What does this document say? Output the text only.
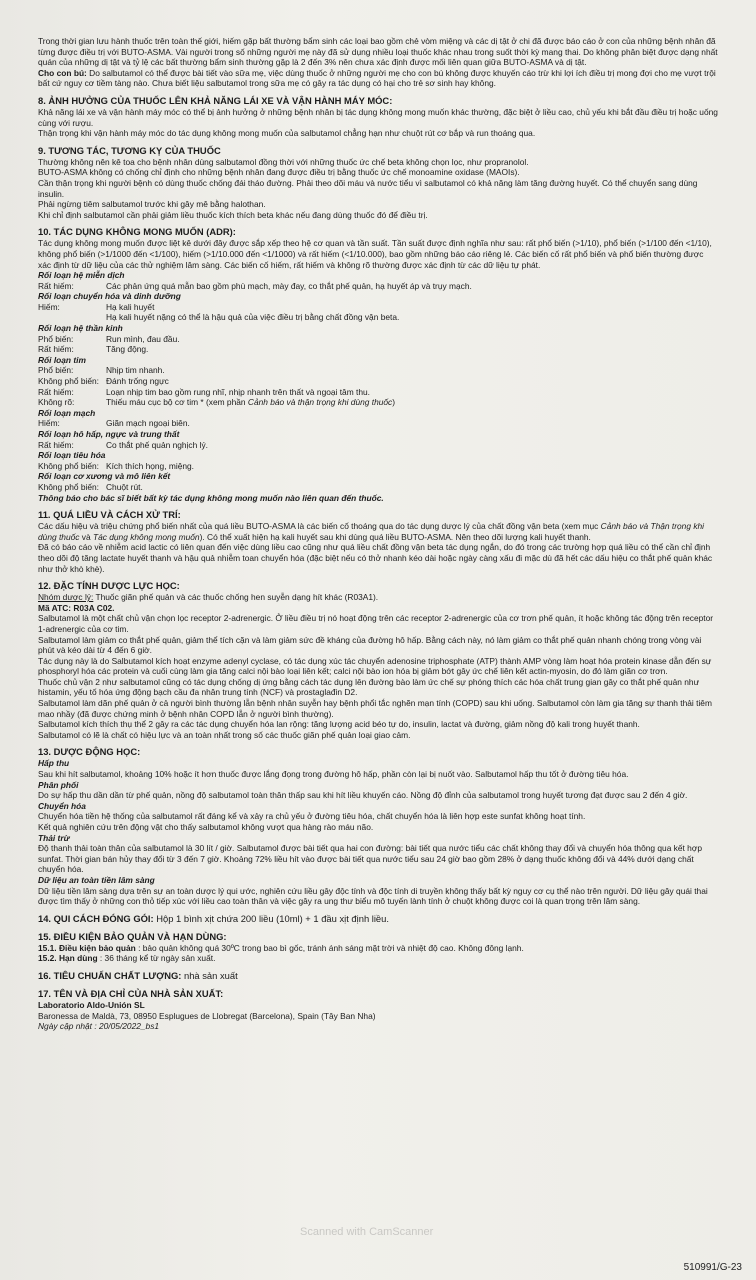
Trong thời gian lưu hành thuốc trên toàn thế giới, hiếm gặp bất thường bẩm sinh các loại bao gồm chẻ vòm miệng và các dị tật ở chi đã được báo cáo ở con của những bệnh nhân đã từng được điều trị với BUTO-ASMA. Vài người trong số những người mẹ này đã sử dụng nhiều loại thuốc khác nhau trong suốt thời kỳ mang thai. Do không phân biệt được dạng nhất quán của những dị tật và tỷ lệ các bất thường bẩm sinh thường gặp là 2 đến 3% nên chưa xác định được mối liên quan giữa BUTO-ASMA và dị tật.

Cho con bú: Do salbutamol có thể được bài tiết vào sữa mẹ, việc dùng thuốc ở những người mẹ cho con bú không được khuyến cáo trừ khi lợi ích điều trị mong đợi cho mẹ vượt trội bất cứ nguy cơ tiềm tàng nào. Chưa biết liệu salbutamol trong sữa mẹ có gây ra tác dụng có hại cho trẻ sơ sinh hay không.

8. ẢNH HƯỞNG CỦA THUỐC LÊN KHẢ NĂNG LÁI XE VÀ VẬN HÀNH MÁY MÓC:

Khả năng lái xe và vận hành máy móc có thể bị ảnh hưởng ở những bệnh nhân bị tác dụng không mong muốn khác thường, đặc biệt ở liều cao, chủ yếu khi bắt đầu điều trị hoặc uống cùng với rượu.

Thận trọng khi vận hành máy móc do tác dụng không mong muốn của salbutamol chẳng hạn như chuột rút cơ bắp và run thoáng qua.

9. TƯƠNG TÁC, TƯƠNG KỴ CỦA THUỐC

Thường không nên kê toa cho bệnh nhân dùng salbutamol đồng thời với những thuốc ức chế beta không chọn lọc, như propranolol.

BUTO-ASMA không có chống chỉ định cho những bệnh nhân đang được điều trị bằng thuốc ức chế monoamine oxidase (MAOIs).

Cần thận trọng khi người bệnh có dùng thuốc chống đái tháo đường. Phải theo dõi máu và nước tiểu vì salbutamol có khả năng làm tăng đường huyết. Có thể chuyển sang dùng insulin.

Phải ngừng tiêm salbutamol trước khi gây mê bằng halothan.

Khi chỉ định salbutamol cần phải giảm liều thuốc kích thích beta khác nếu đang dùng thuốc đó để điều trị.

10. TÁC DỤNG KHÔNG MONG MUỐN (ADR):

Tác dụng không mong muốn được liệt kê dưới đây được sắp xếp theo hệ cơ quan và tần suất. Tần suất được định nghĩa như sau: rất phổ biến (>1/10), phổ biến (>1/100 đến <1/10), không phổ biến (>1/1000 đến <1/100), hiếm (>1/10.000 đến <1/1000) và rất hiếm (<1/10.000), bao gồm những báo cáo riêng lẻ. Các biến cố rất phổ biến và phổ biến thường được xác định từ dữ liệu của các thử nghiệm lâm sàng. Các biến cố hiếm, rất hiếm và không rõ thường được xác định từ các dữ liệu tự phát.

Rối loạn hệ miễn dịch

Rất hiếm:	Các phản ứng quá mẫn bao gồm phù mạch, mày đay, co thắt phế quản, hạ huyết áp và trụy mạch.

Rối loạn chuyển hóa và dinh dưỡng

Hiếm:	Hạ kali huyết

Hạ kali huyết nặng có thể là hậu quả của việc điều trị bằng chất đồng vận beta.

Rối loạn hệ thần kinh

Phổ biến:	Run mình, đau đầu.
Rất hiếm:	Tăng động.

Rối loạn tim

Phổ biến:	Nhịp tim nhanh.
Không phổ biến: Đánh trống ngực
Rất hiếm:	Loạn nhịp tim bao gồm rung nhĩ, nhịp nhanh trên thất và ngoại tâm thu.
Không rõ:	Thiếu máu cục bộ cơ tim * (xem phần Cảnh báo và thận trọng khi dùng thuốc)

Rối loạn mạch

Hiếm:	Giãn mạch ngoại biên.

Rối loạn hô hấp, ngực và trung thất

Rất hiếm:	Co thắt phế quản nghịch lý.

Rối loạn tiêu hóa

Không phổ biến: Kích thích họng, miệng.

Rối loạn cơ xương và mô liên kết

Không phổ biến: Chuột rút.

Thông báo cho bác sĩ biết bất kỳ tác dụng không mong muốn nào liên quan đến thuốc.

11. QUÁ LIỀU VÀ CÁCH XỬ TRÍ:

Các dấu hiệu và triệu chứng phổ biến nhất của quá liều BUTO-ASMA là các biến cố thoáng qua do tác dụng dược lý của chất đồng vận beta (xem mục Cảnh báo và Thận trọng khi dùng thuốc và Tác dụng không mong muốn). Có thể xuất hiện hạ kali huyết sau khi dùng quá liều BUTO-ASMA. Nên theo dõi lượng kali huyết thanh.

Đã có báo cáo về nhiễm acid lactic có liên quan đến việc dùng liều cao cũng như quá liều chất đồng vận beta tác dụng ngắn, do đó trong các trường hợp quá liều có thể cần chỉ định theo dõi độ tăng lactate huyết thanh và hậu quả nhiễm toan chuyển hóa (đặc biệt nếu có thở nhanh kéo dài hoặc ngày càng xấu đi mặc dù đã hết các dấu hiệu co thắt phế quản khác như thở khò khè).

12. ĐẶC TÍNH DƯỢC LỰC HỌC:

Nhóm dược lý: Thuốc giãn phế quản và các thuốc chống hen suyễn dạng hít khác (R03A1).

Mã ATC: R03A C02.

Salbutamol là một chất chủ vận chọn lọc receptor 2-adrenergic. Ở liều điều trị nó hoạt động trên các receptor 2-adrenergic của cơ trơn phế quản, ít hoặc không tác động trên receptor 1-adrenergic của cơ tim.

Salbutamol làm giảm co thắt phế quản, giảm thể tích cặn và làm giảm sức đề kháng của đường hô hấp. Bằng cách này, nó làm giảm co thắt phế quản nhanh chóng trong vòng vài phút và kéo dài từ 4 đến 6 giờ.

Tác dụng này là do Salbutamol kích hoạt enzyme adenyl cyclase, có tác dụng xúc tác chuyển adenosine triphosphate (ATP) thành AMP vòng làm hoạt hóa protein kinase dẫn đến sự phosphoryl hóa các protein và cuối cùng làm gia tăng calci nội bào loại liên kết; calci nội bào ion hóa bị giảm bớt gây ức chế liên kết actin-myosin, do đó làm giãn cơ trơn.

Thuốc chủ vận 2 như salbutamol cũng có tác dụng chống dị ứng bằng cách tác dụng lên đường bào làm ức chế sự phóng thích các hóa chất trung gian gây co thắt phế quản như histamin, yếu tố hóa ứng động bạch cầu đa nhân trung tính (NCF) và prostaglađin D2.

Salbutamol làm dãn phế quản ở cả người bình thường lẫn bệnh nhân suyễn hay bệnh phổi tắc nghẽn mạn tính (COPD) sau khi uống. Salbutamol còn làm gia tăng sự thanh thải tiêm mao nhầy (đã được chứng minh ở bệnh nhân COPD lẫn ở người bình thường).

Salbutamol kích thích thụ thể 2 gây ra các tác dụng chuyển hóa lan rộng: tăng lượng acid béo tự do, insulin, lactat và đường, giảm nồng độ kali trong huyết thanh.

Salbutamol có lẽ là chất có hiệu lực và an toàn nhất trong số các thuốc giãn phế quản loại giao cảm.

13. DƯỢC ĐỘNG HỌC:

Hấp thu

Sau khi hít salbutamol, khoảng 10% hoặc ít hơn thuốc được lắng đọng trong đường hô hấp, phần còn lại bị nuốt vào. Salbutamol hấp thu tốt ở đường tiêu hóa.

Phân phối

Do sự hấp thu dần dần từ phế quản, nồng độ salbutamol toàn thân thấp sau khi hít liều khuyến cáo. Nồng độ đỉnh của salbutamol trong huyết tương đạt được sau 2 đến 4 giờ.

Chuyển hóa

Chuyển hóa tiền hệ thống của salbutamol rất đáng kể và xảy ra chủ yếu ở đường tiêu hóa, chất chuyển hóa là liên hợp este sunfat không hoạt tính.

Kết quả nghiên cứu trên động vật cho thấy salbutamol không vượt qua hàng rào máu não.

Thải trừ

Độ thanh thải toàn thân của salbutamol là 30 lít / giờ. Salbutamol được bài tiết qua hai con đường: bài tiết qua nước tiểu các chất không thay đổi và chuyển hóa thông qua kết hợp sunfat. Thời gian bán hủy thay đổi từ 3 đến 7 giờ. Khoảng 72% liều hít vào được bài tiết qua nước tiểu sau 24 giờ bao gồm 28% ở dạng thuốc không đổi và 44% dưới dạng chất chuyển hóa.

Dữ liệu an toàn tiền lâm sàng

Dữ liệu tiền lâm sàng dựa trên sự an toàn dược lý qui ước, nghiên cứu liều gây độc tính và độc tính di truyền không thấy bất kỳ nguy cơ cụ thể nào trên người. Dữ liệu gây quái thai được tìm thấy ở những con thỏ tiếp xúc với liều cao toàn thân và việc gây ra ung thư biểu mô tuyến lành tính ở chuột không được coi là quan trọng trên lâm sàng.

14. QUI CÁCH ĐÓNG GÓI: Hộp 1 bình xịt chứa 200 liều (10ml) + 1 đầu xịt định liều.

15. ĐIỀU KIỆN BẢO QUẢN VÀ HẠN DÙNG:

15.1. Điều kiện bảo quản : bảo quản không quá 30ºC trong bao bì gốc, tránh ánh sáng mặt trời và nhiệt độ cao. Không đông lạnh.

15.2. Hạn dùng : 36 tháng kể từ ngày sản xuất.

16. TIÊU CHUẨN CHẤT LƯỢNG: nhà sản xuất

17. TÊN VÀ ĐỊA CHỈ CỦA NHÀ SẢN XUẤT:

Laboratorio Aldo-Unión SL

Baronessa de Maldà, 73, 08950 Esplugues de Llobregat (Barcelona), Spain (Tây Ban Nha)

Ngày cập nhật : 20/05/2022_bs1

Scanned with CamScanner
510991/G-23
